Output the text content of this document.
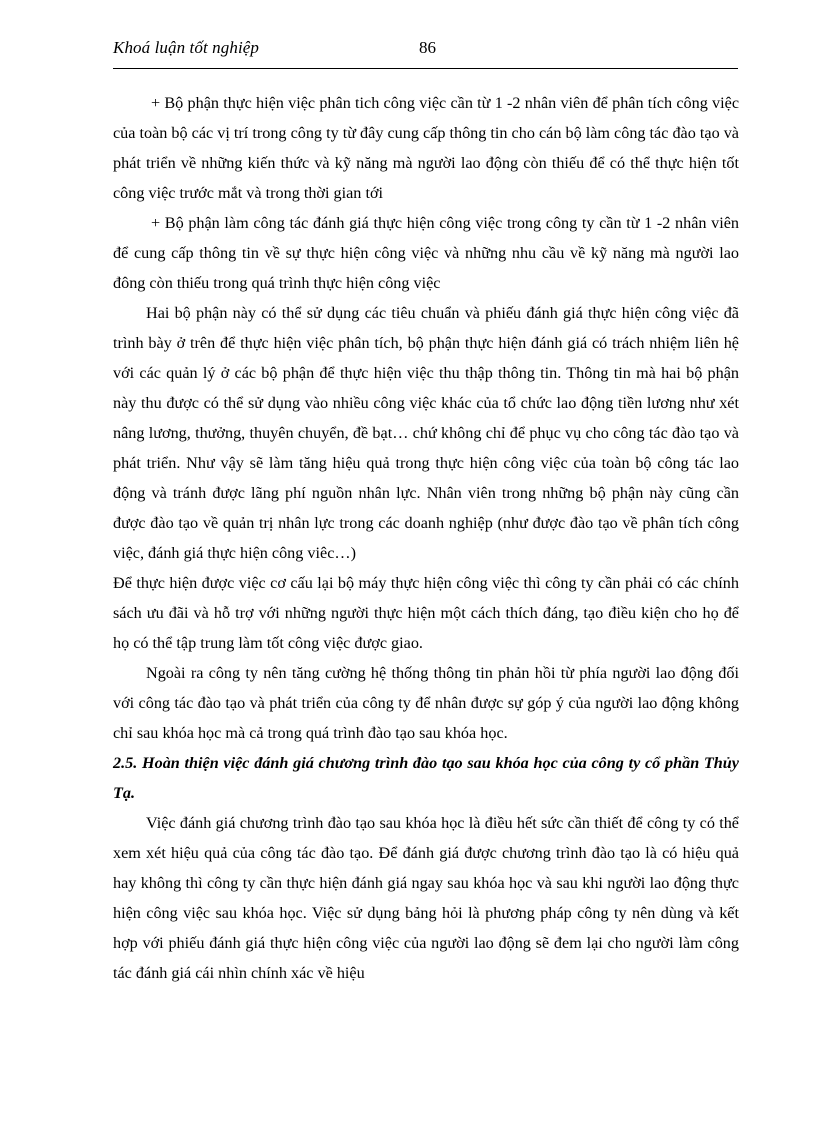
Khoá luận tốt nghiệp	86

+ Bộ phận thực hiện việc phân tich công việc cần từ 1 -2 nhân viên để phân tích công việc của toàn bộ các vị trí trong công ty từ đây cung cấp thông tin cho cán bộ làm công tác đào tạo và phát triển về những kiến thức và kỹ năng mà người lao động còn thiếu để có thể thực hiện tốt công việc trước mắt và trong thời gian tới

+ Bộ phận làm công tác đánh giá thực hiện công việc trong công ty cần từ 1 -2 nhân viên để cung cấp thông tin về sự thực hiện công việc và những nhu cầu về kỹ năng mà người lao đông còn thiếu trong quá trình thực hiện công việc

Hai bộ phận này có thể sử dụng các tiêu chuẩn và phiếu đánh giá thực hiện công việc đã trình bày ở trên để thực hiện việc phân tích, bộ phận thực hiện đánh giá có trách nhiệm liên hệ với các quản lý ở các bộ phận để thực hiện việc thu thập thông tin. Thông tin mà hai bộ phận này thu được có thể sử dụng vào nhiều công việc khác của tổ chức lao động tiền lương như xét nâng lương, thưởng, thuyên chuyển, đề bạt… chứ không chỉ để phục vụ cho công tác đào tạo và phát triển. Như vậy sẽ làm tăng hiệu quả trong thực hiện công việc của toàn bộ công tác lao động và tránh được lãng phí nguồn nhân lực. Nhân viên trong những bộ phận này cũng cần được đào tạo về quản trị nhân lực trong các doanh nghiệp (như được đào tạo về phân tích công việc, đánh giá thực hiện công viêc…)

Để thực hiện được việc cơ cấu lại bộ máy thực hiện công việc thì công ty cần phải có các chính sách ưu đãi và hỗ trợ với những người thực hiện một cách thích đáng, tạo điều kiện cho họ để họ có thể tập trung làm tốt công việc được giao.

Ngoài ra công ty nên tăng cường hệ thống thông tin phản hồi từ phía người lao động đối với công tác đào tạo và phát triển của công ty để nhân được sự góp ý của người lao động không chỉ sau khóa học mà cả trong quá trình đào tạo sau khóa học.

2.5. Hoàn thiện việc đánh giá chương trình đào tạo sau khóa học của công ty cổ phần Thủy Tạ.

Việc đánh giá chương trình đào tạo sau khóa học là điều hết sức cần thiết để công ty có thể xem xét hiệu quả của công tác đào tạo. Để đánh giá được chương trình đào tạo là có hiệu quả hay không thì công ty cần thực hiện đánh giá ngay sau khóa học và sau khi người lao động thực hiện công việc sau khóa học. Việc sử dụng bảng hỏi là phương pháp công ty nên dùng và kết hợp với phiếu đánh giá thực hiện công việc của người lao động sẽ đem lại cho người làm công tác đánh giá cái nhìn chính xác về hiệu
